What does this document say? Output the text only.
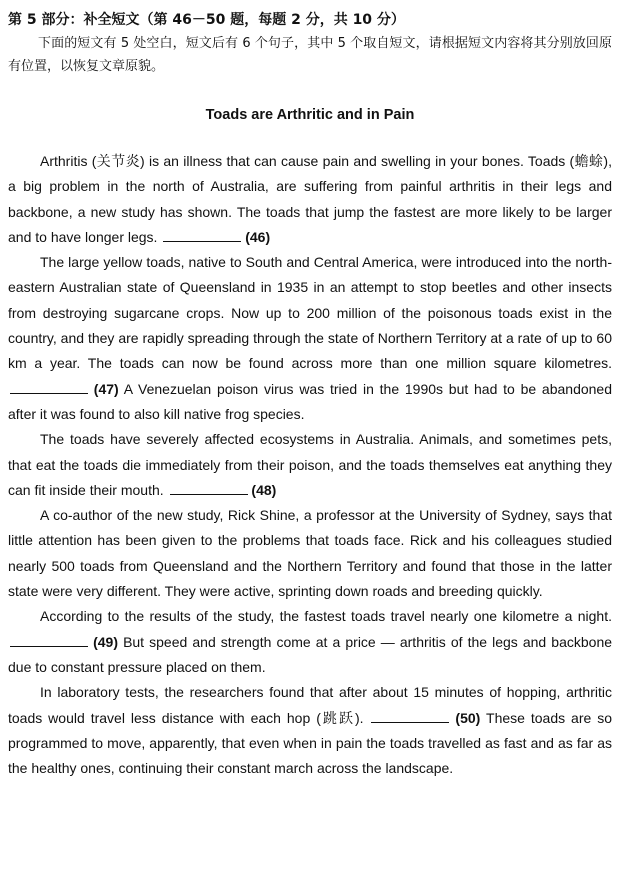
第 5 部分：补全短文（第 46－50 题，每题 2 分，共 10 分）
下面的短文有 5 处空白，短文后有 6 个句子，其中 5 个取自短文，请根据短文内容将其分别放回原有位置，以恢复文章原貌。
Toads are Arthritic and in Pain

Arthritis (关节炎) is an illness that can cause pain and swelling in your bones. Toads (蟾蜍), a big problem in the north of Australia, are suffering from painful arthritis in their legs and backbone, a new study has shown. The toads that jump the fastest are more likely to be larger and to have longer legs.	(46)

The large yellow toads, native to South and Central America, were introduced into the north-eastern Australian state of Queensland in 1935 in an attempt to stop beetles and other insects from destroying sugarcane crops. Now up to 200 million of the poisonous toads exist in the country, and they are rapidly spreading through the state of Northern Territory at a rate of up to 60 km a year. The toads can now be found across more than one million square kilometres.  (47) A Venezuelan poison virus was tried in the 1990s but had to be abandoned after it was found to also kill native frog species.

The toads have severely affected ecosystems in Australia. Animals, and sometimes pets, that eat the toads die immediately from their poison, and the toads themselves eat anything they can fit inside their mouth.	(48)

A co-author of the new study, Rick Shine, a professor at the University of Sydney, says that little attention has been given to the problems that toads face. Rick and his colleagues studied nearly 500 toads from Queensland and the Northern Territory and found that those in the latter state were very different. They were active, sprinting down roads and breeding quickly.

According to the results of the study, the fastest toads travel nearly one kilometre a night.  (49) But speed and strength come at a price — arthritis of the legs and backbone due to constant pressure placed on them.

In laboratory tests, the researchers found that after about 15 minutes of hopping, arthritic toads would travel less distance with each hop (跳跃).	(50) These toads are so programmed to move, apparently, that even when in pain the toads travelled as fast and as far as the healthy ones, continuing their constant march across the landscape.
